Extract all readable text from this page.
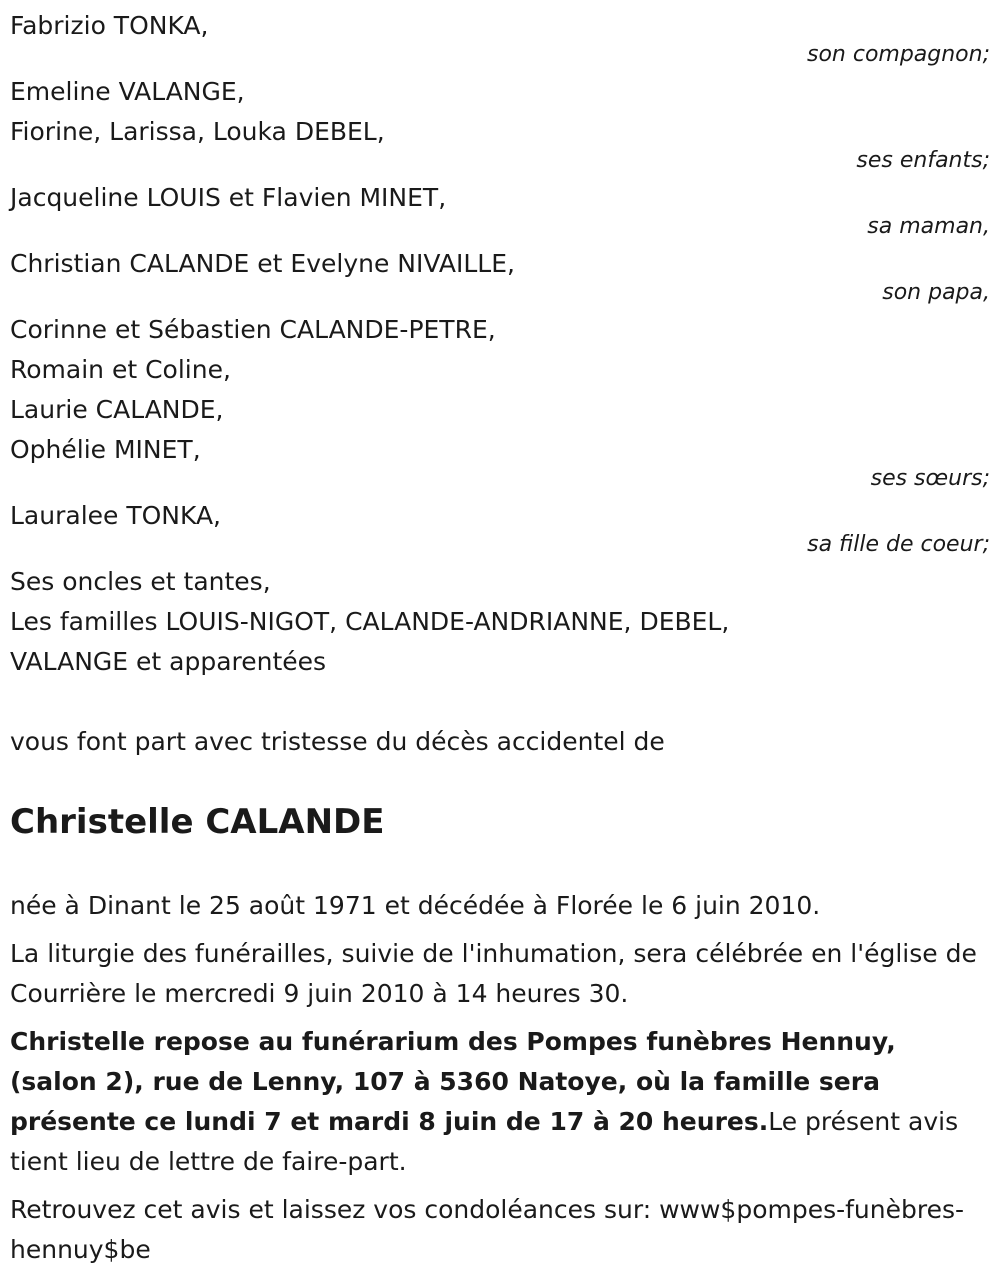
Fabrizio TONKA,
son compagnon;
Emeline VALANGE,
Fiorine, Larissa, Louka DEBEL,
ses enfants;
Jacqueline LOUIS et Flavien MINET,
sa maman,
Christian CALANDE et Evelyne NIVAILLE,
son papa,
Corinne et Sébastien CALANDE-PETRE,
Romain et Coline,
Laurie CALANDE,
Ophélie MINET,
ses sœurs;
Lauralee TONKA,
sa fille de coeur;
Ses oncles et tantes,
Les familles LOUIS-NIGOT, CALANDE-ANDRIANNE, DEBEL,
VALANGE et apparentées
vous font part avec tristesse du décès accidentel de
Christelle CALANDE
née à Dinant le 25 août 1971 et décédée à Florée le 6 juin 2010.
La liturgie des funérailles, suivie de l'inhumation, sera célébrée en l'église de Courrière le mercredi 9 juin 2010 à 14 heures 30.

Christelle repose au funérarium des Pompes funèbres Hennuy, (salon 2), rue de Lenny, 107 à 5360 Natoye, où la famille sera présente ce lundi 7 et mardi 8 juin de 17 à 20 heures.Le présent avis tient lieu de lettre de faire-part.

Retrouvez cet avis et laissez vos condoléances sur: www$pompes-funèbres-hennuy$be
